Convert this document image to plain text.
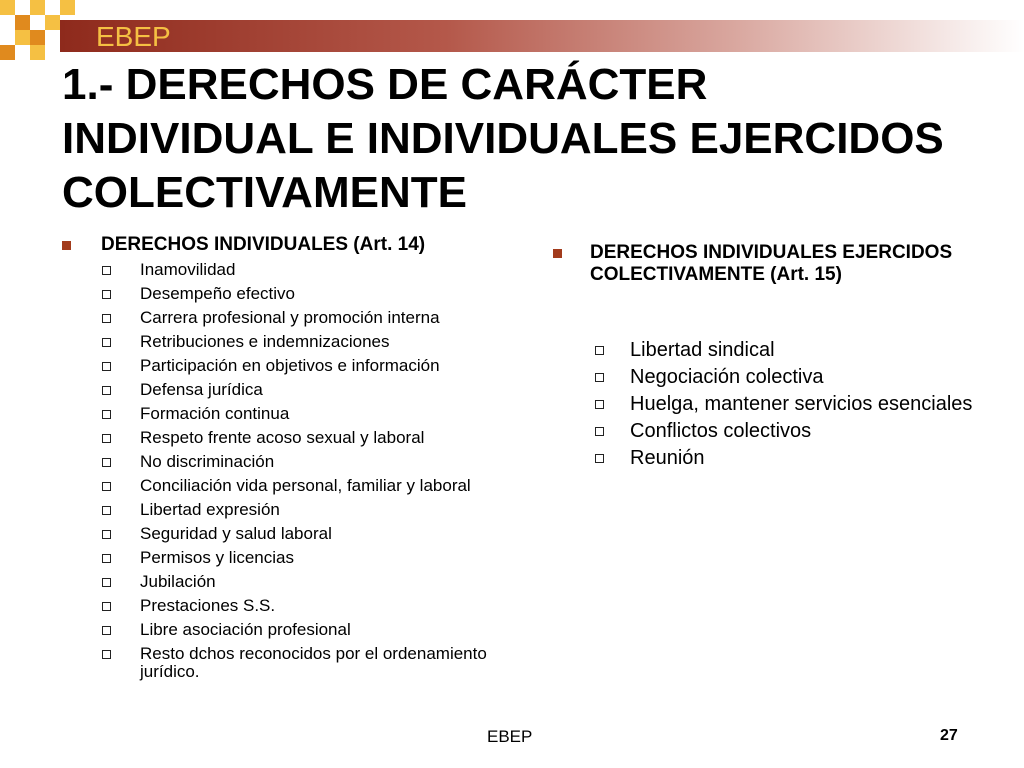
EBEP
1.- DERECHOS DE CARÁCTER INDIVIDUAL E INDIVIDUALES EJERCIDOS COLECTIVAMENTE
DERECHOS INDIVIDUALES (Art. 14)
Inamovilidad
Desempeño efectivo
Carrera profesional y promoción interna
Retribuciones e indemnizaciones
Participación en objetivos e información
Defensa jurídica
Formación continua
Respeto frente acoso sexual y laboral
No discriminación
Conciliación vida personal, familiar y laboral
Libertad expresión
Seguridad y salud laboral
Permisos y licencias
Jubilación
Prestaciones S.S.
Libre asociación profesional
Resto dchos reconocidos por el ordenamiento jurídico.
DERECHOS INDIVIDUALES EJERCIDOS COLECTIVAMENTE (Art. 15)
Libertad sindical
Negociación colectiva
Huelga, mantener servicios esenciales
Conflictos colectivos
Reunión
EBEP	27
